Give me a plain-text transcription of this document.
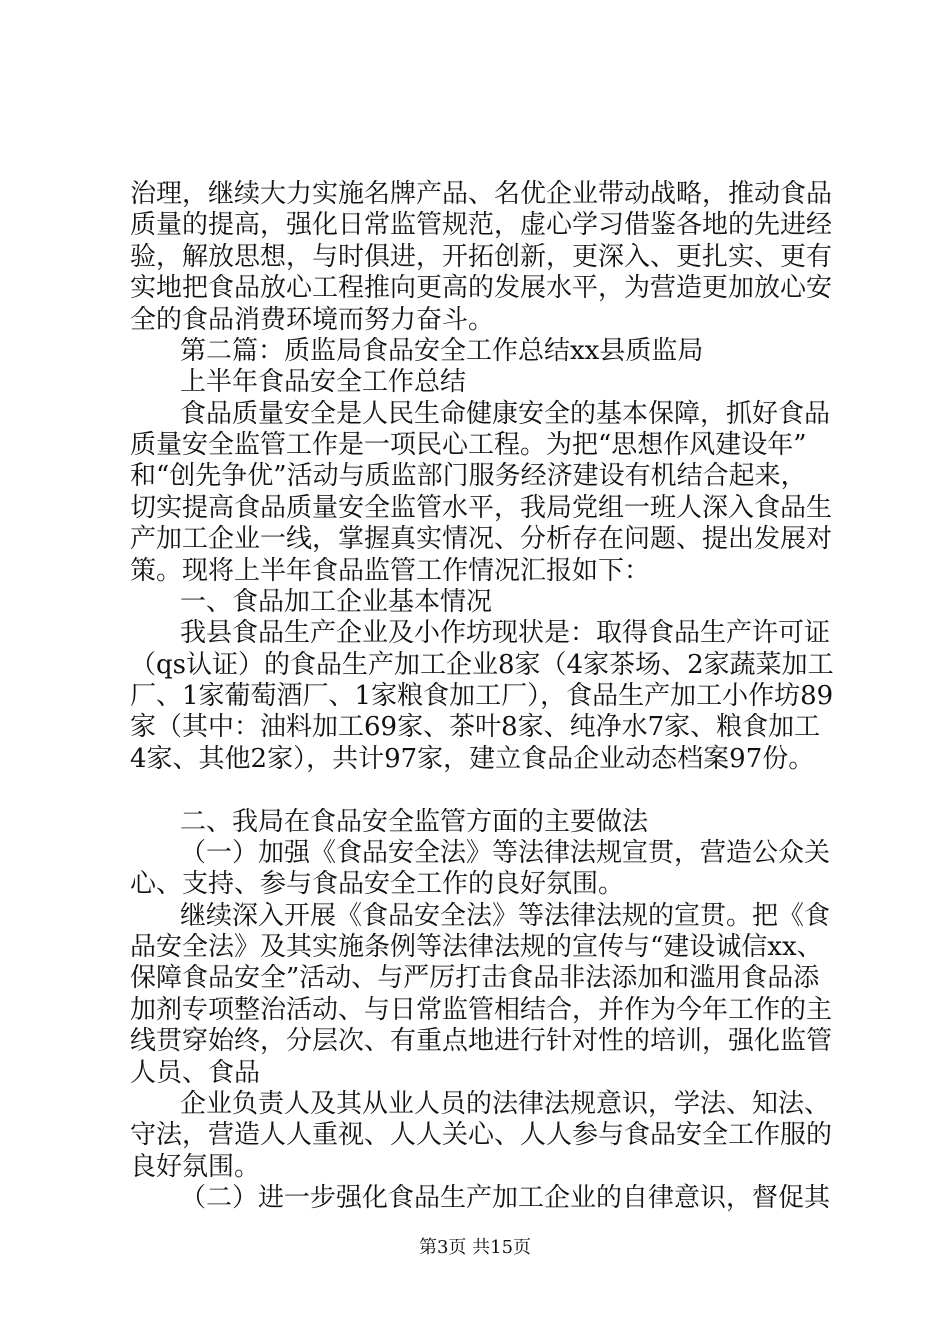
治理，继续大力实施名牌产品、名优企业带动战略，推动食品
质量的提高，强化日常监管规范，虚心学习借鉴各地的先进经
验，解放思想，与时俱进，开拓创新，更深入、更扎实、更有
实地把食品放心工程推向更高的发展水平，为营造更加放心安
全的食品消费环境而努力奋斗。
第二篇：质监局食品安全工作总结xx县质监局
上半年食品安全工作总结
食品质量安全是人民生命健康安全的基本保障，抓好食品
质量安全监管工作是一项民心工程。为把“思想作风建设年”
和“创先争优”活动与质监部门服务经济建设有机结合起来，
切实提高食品质量安全监管水平，我局党组一班人深入食品生
产加工企业一线，掌握真实情况、分析存在问题、提出发展对
策。现将上半年食品监管工作情况汇报如下：
一、食品加工企业基本情况
我县食品生产企业及小作坊现状是：取得食品生产许可证
（qs认证）的食品生产加工企业8家（4家茶场、2家蔬菜加工
厂、1家葡萄酒厂、1家粮食加工厂），食品生产加工小作坊89
家（其中：油料加工69家、茶叶8家、纯净水7家、粮食加工
4家、其他2家），共计97家，建立食品企业动态档案97份。
二、我局在食品安全监管方面的主要做法
（一）加强《食品安全法》等法律法规宣贯，营造公众关
心、支持、参与食品安全工作的良好氛围。
继续深入开展《食品安全法》等法律法规的宣贯。把《食
品安全法》及其实施条例等法律法规的宣传与“建设诚信xx、
保障食品安全”活动、与严厉打击食品非法添加和滥用食品添
加剂专项整治活动、与日常监管相结合，并作为今年工作的主
线贯穿始终，分层次、有重点地进行针对性的培训，强化监管
人员、食品
企业负责人及其从业人员的法律法规意识，学法、知法、
守法，营造人人重视、人人关心、人人参与食品安全工作服的
良好氛围。
（二）进一步强化食品生产加工企业的自律意识，督促其
第3页 共15页
